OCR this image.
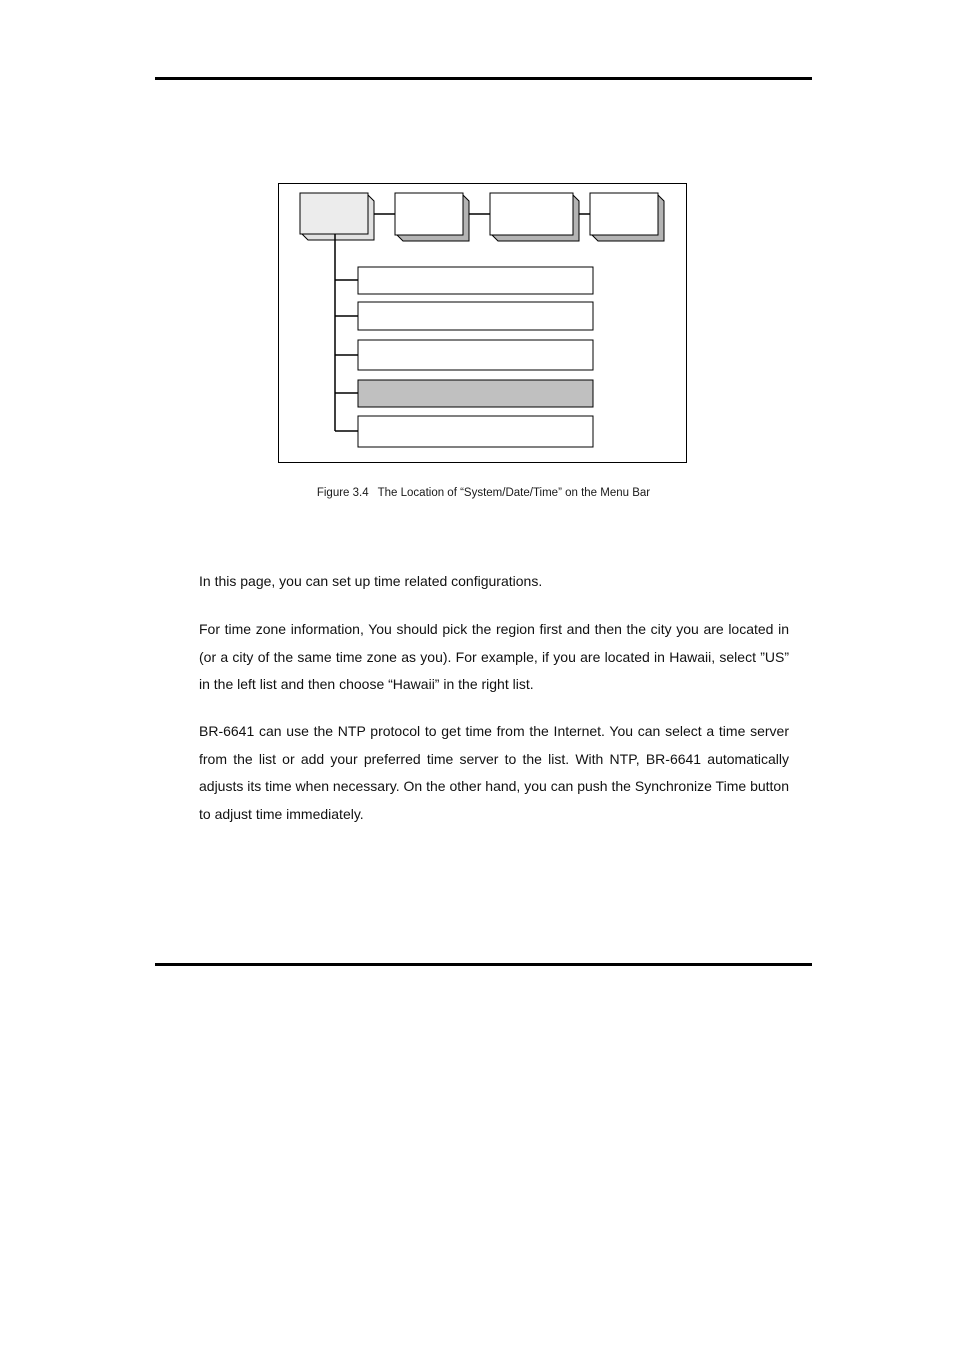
Figure 3.4 The Location of “System/Date/Time” on the Menu Bar

In this page, you can set up time related configurations.

For time zone information, You should pick the region first and then the city you are located in (or a city of the same time zone as you). For example, if you are located in Hawaii, select ”US” in the left list and then choose “Hawaii” in the right list.

BR-6641 can use the NTP protocol to get time from the Internet. You can select a time server from the list or add your preferred time server to the list. With NTP, BR-6641 automatically adjusts its time when necessary. On the other hand, you can push the Synchronize Time button to adjust time immediately.
